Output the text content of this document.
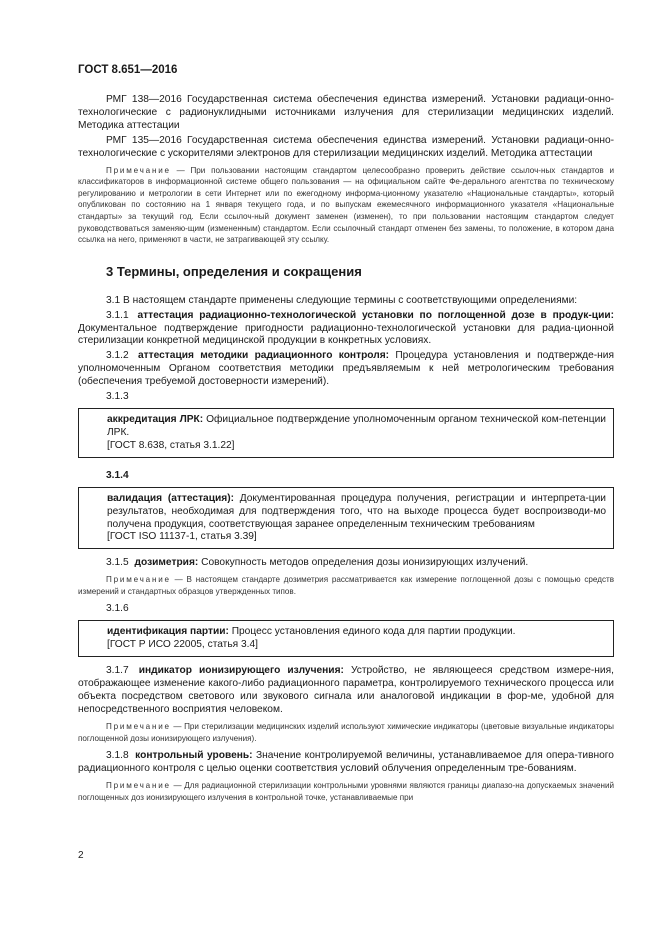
ГОСТ 8.651—2016

РМГ 138—2016 Государственная система обеспечения единства измерений. Установки радиаци-онно-технологические с радионуклидными источниками излучения для стерилизации медицинских изделий. Методика аттестации

РМГ 135—2016 Государственная система обеспечения единства измерений. Установки радиаци-онно-технологические с ускорителями электронов для стерилизации медицинских изделий. Методика аттестации

Примечание — При пользовании настоящим стандартом целесообразно проверить действие ссылоч-ных стандартов и классификаторов в информационной системе общего пользования — на официальном сайте Фе-дерального агентства по техническому регулированию и метрологии в сети Интернет или по ежегодному информа-ционному указателю «Национальные стандарты», который опубликован по состоянию на 1 января текущего года, и по выпускам ежемесячного информационного указателя «Национальные стандарты» за текущий год. Если ссылоч-ный документ заменен (изменен), то при пользовании настоящим стандартом следует руководствоваться заменяю-щим (измененным) стандартом. Если ссылочный стандарт отменен без замены, то положение, в котором дана ссылка на него, применяют в части, не затрагивающей эту ссылку.

3 Термины, определения и сокращения

3.1 В настоящем стандарте применены следующие термины с соответствующими определениями:

3.1.1 аттестация радиационно-технологической установки по поглощенной дозе в продук-ции: Документальное подтверждение пригодности радиационно-технологической установки для радиа-ционной стерилизации конкретной медицинской продукции в конкретных условиях.

3.1.2 аттестация методики радиационного контроля: Процедура установления и подтвержде-ния уполномоченным Органом соответствия методики предъявляемым к ней метрологическим требования (обеспечения требуемой достоверности измерений).

3.1.3
аккредитация ЛРК: Официальное подтверждение уполномоченным органом технической ком-петенции ЛРК.
[ГОСТ 8.638, статья 3.1.22]
3.1.4
валидация (аттестация): Документированная процедура получения, регистрации и интерпрета-ции результатов, необходимая для подтверждения того, что на выходе процесса будет воспроизводи-мо получена продукция, соответствующая заранее определенным техническим требованиям
[ГОСТ ISO 11137-1, статья 3.39]

3.1.5 дозиметрия: Совокупность методов определения дозы ионизирующих излучений.

Примечание — В настоящем стандарте дозиметрия рассматривается как измерение поглощенной дозы с помощью средств измерений и стандартных образцов утвержденных типов.

3.1.6
идентификация партии: Процесс установления единого кода для партии продукции.
[ГОСТ Р ИСО 22005, статья 3.4]

3.1.7 индикатор ионизирующего излучения: Устройство, не являющееся средством измере-ния, отображающее изменение какого-либо радиационного параметра, контролируемого технического процесса или объекта посредством светового или звукового сигнала или аналоговой индикации в фор-ме, удобной для непосредственного восприятия человеком.

Примечание — При стерилизации медицинских изделий используют химические индикаторы (цветовые визуальные индикаторы поглощенной дозы ионизирующего излучения).

3.1.8 контрольный уровень: Значение контролируемой величины, устанавливаемое для опера-тивного радиационного контроля с целью оценки соответствия условий облучения определенным тре-бованиям.

Примечание — Для радиационной стерилизации контрольными уровнями являются границы диапазо-на допускаемых значений поглощенных доз ионизирующего излучения в контрольной точке, устанавливаемые при

2
